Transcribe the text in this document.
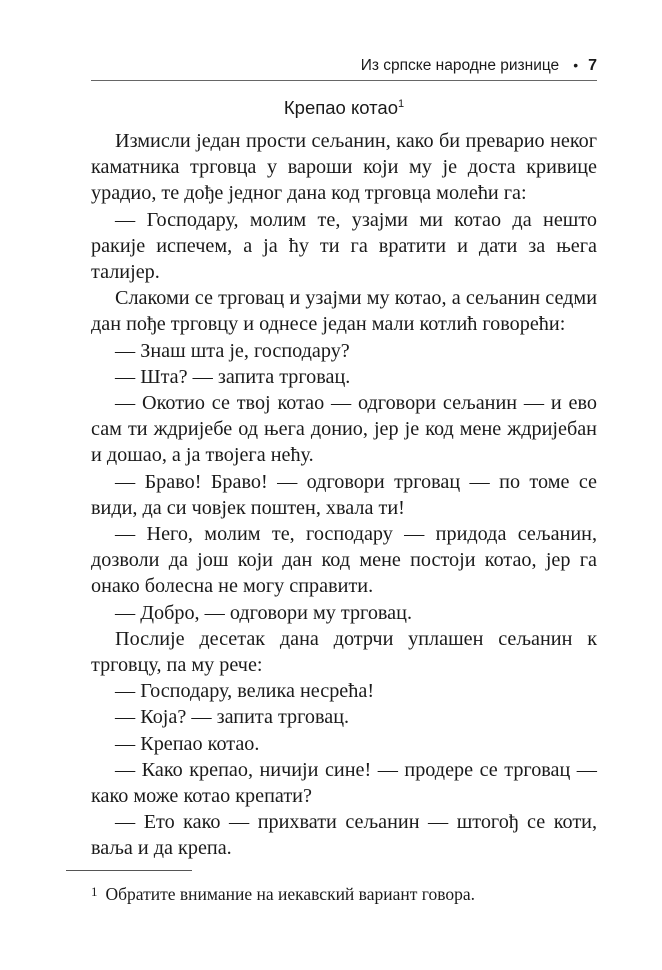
Из српске народне ризнице • 7
Крепао котао$^1$

Измисли један прости сељанин, како би преварио неког каматника трговца у вароши који му је доста кривице урадио, те дође једног дана код трговца молећи га:

— Господару, молим те, узајми ми котао да нешто ракије испечем, а ја ћу ти га вратити и дати за њега талијер.

Слакоми се трговац и узајми му котао, а сељанин седми дан пође трговцу и однесе један мали котлић говорећи:

— Знаш шта је, господару?

— Шта? — запита трговац.

— Окотио се твој котао — одговори сељанин — и ево сам ти ждријебе од њега донио, јер је код мене ждријебан и дошао, а ја твојега нећу.

— Браво! Браво! — одговори трговац — по томе се види, да си човјек поштен, хвала ти!

— Него, молим те, господару — придода сељанин, дозволи да још који дан код мене постоји котао, јер га онако болесна не могу справити.

— Добро, — одговори му трговац.

Послије десетак дана дотрчи уплашен сељанин к трговцу, па му рече:

— Господару, велика несрећа!

— Која? — запита трговац.

— Крепао котао.

— Како крепао, ничији сине! — продере се трговац — како може котао крепати?

— Ето како — прихвати сељанин — штогођ се коти, ваља и да крепа.

$^1$ Обратите внимание на иекавский вариант говора.
